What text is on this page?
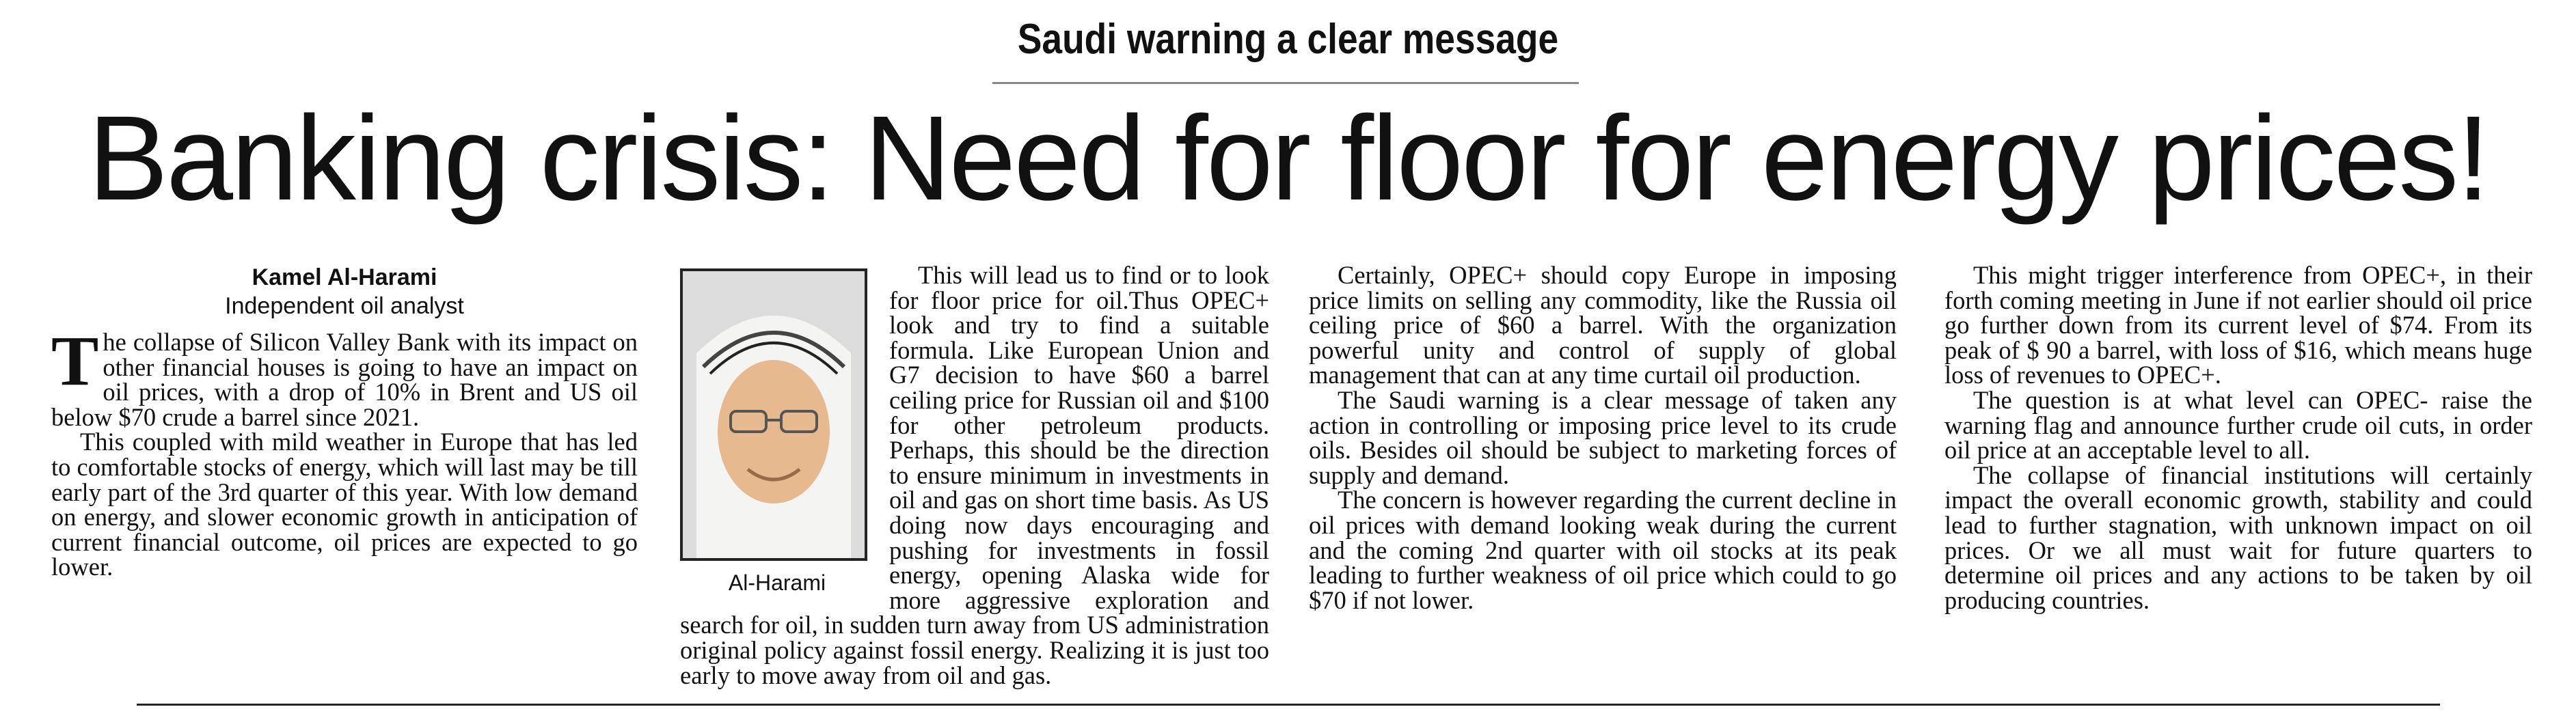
Saudi warning a clear message
Banking crisis: Need for floor for energy prices!
Kamel Al-Harami
Independent oil analyst

The collapse of Silicon Valley Bank with its impact on other financial houses is going to have an impact on oil prices, with a drop of 10% in Brent and US oil below $70 crude a barrel since 2021.

This coupled with mild weather in Europe that has led to comfortable stocks of energy, which will last may be till early part of the 3rd quarter of this year. With low demand on energy, and slower economic growth in anticipation of current financial outcome, oil prices are expected to go lower.

Al-Harami

This will lead us to find or to look for floor price for oil.Thus OPEC+ look and try to find a suitable formula. Like European Union and G7 decision to have $60 a barrel ceiling price for Russian oil and $100 for other petroleum products. Perhaps, this should be the direction to ensure minimum in investments in oil and gas on short time basis. As US doing now days encouraging and pushing for investments in fossil energy, opening Alaska wide for more aggressive exploration and search for oil, in sudden turn away from US administration original policy against fossil energy. Realizing it is just too early to move away from oil and gas.

Certainly, OPEC+ should copy Europe in imposing price limits on selling any commodity, like the Russia oil ceiling price of $60 a barrel. With the organization powerful unity and control of supply of global management that can at any time curtail oil production.

The Saudi warning is a clear message of taken any action in controlling or imposing price level to its crude oils. Besides oil should be subject to marketing forces of supply and demand.

The concern is however regarding the current decline in oil prices with demand looking weak during the current and the coming 2nd quarter with oil stocks at its peak leading to further weakness of oil price which could to go $70 if not lower.

This might trigger interference from OPEC+, in their forth coming meeting in June if not earlier should oil price go further down from its current level of $74. From its peak of $ 90 a barrel, with loss of $16, which means huge loss of revenues to OPEC+.

The question is at what level can OPEC- raise the warning flag and announce further crude oil cuts, in order oil price at an acceptable level to all.

The collapse of financial institutions will certainly impact the overall economic growth, stability and could lead to further stagnation, with unknown impact on oil prices. Or we all must wait for future quarters to determine oil prices and any actions to be taken by oil producing countries.
